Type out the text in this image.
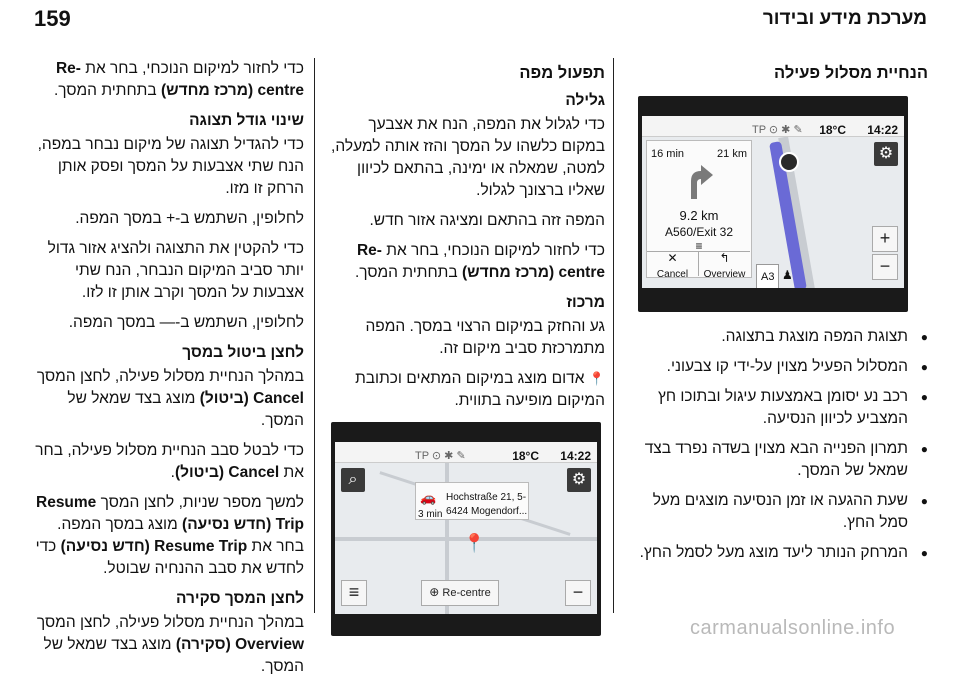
159	מערכת מידע ובידור
הנחיית מסלול פעילה
TP ⊙ ✱ ✎ 18°C 14:22
16 min	21 km
9.2 km
A560/Exit 32
≡
✕
Cancel
↰
Overview
⚙
+
−
A3 ♟
● תצוגת המפה מוצגת בתצוגה.
● המסלול הפעיל מצוין על-ידי קו צבעוני.
● רכב נע יסומן באמצעות עיגול ובתוכו חץ המצביע לכיוון הנסיעה.
● תמרון הפנייה הבא מצוין בשדה נפרד בצד שמאל של המסך.
● שעת ההגעה או זמן הנסיעה מוצגים מעל סמל החץ.
● המרחק הנותר ליעד מוצג מעל לסמל החץ.
תפעול מפה
גלילה

כדי לגלול את המפה, הנח את אצבעך במקום כלשהו על המסך והזז אותה למעלה, למטה, שמאלה או ימינה, בהתאם לכיוון שאליו ברצונך לגלול.

המפה זזה בהתאם ומציגה אזור חדש.

כדי לחזור למיקום הנוכחי, בחר את Re-centre (מרכז מחדש) בתחתית המסך.

מרכוז

גע והחזק במיקום הרצוי במסך. המפה מתמרכזת סביב מיקום זה.

📍 אדום מוצג במיקום המתאים וכתובת המיקום מופיעה בתווית.

TP ⊙ ✱ ✎	18°C 14:22
⌕	⚙
🚗
3 min
Hochstraße 21, 5-
6424 Mogendorf...
📍
≡	−
⊕ Re-centre

כדי לחזור למיקום הנוכחי, בחר את Re-centre (מרכז מחדש) בתחתית המסך.

שינוי גודל תצוגה

כדי להגדיל תצוגה של מיקום נבחר במפה, הנח שתי אצבעות על המסך ופסק אותן הרחק זו מזו.

לחלופין, השתמש ב-+ במסך המפה.

כדי להקטין את התצוגה ולהציג אזור גדול יותר סביב המיקום הנבחר, הנח שתי אצבעות על המסך וקרב אותן זו לזו.

לחלופין, השתמש ב-— במסך המפה.

לחצן ביטול במסך

במהלך הנחיית מסלול פעילה, לחצן המסך Cancel (ביטול) מוצג בצד שמאל של המסך.

כדי לבטל סבב הנחיית מסלול פעילה, בחר את Cancel (ביטול).

למשך מספר שניות, לחצן המסך Resume Trip (חדש נסיעה) מוצג במסך המפה. בחר את Resume Trip (חדש נסיעה) כדי לחדש את סבב ההנחיה שבוטל.

לחצן המסך סקירה

במהלך הנחיית מסלול פעילה, לחצן המסך Overview (סקירה) מוצג בצד שמאל של המסך.

carmanualsonline.info
